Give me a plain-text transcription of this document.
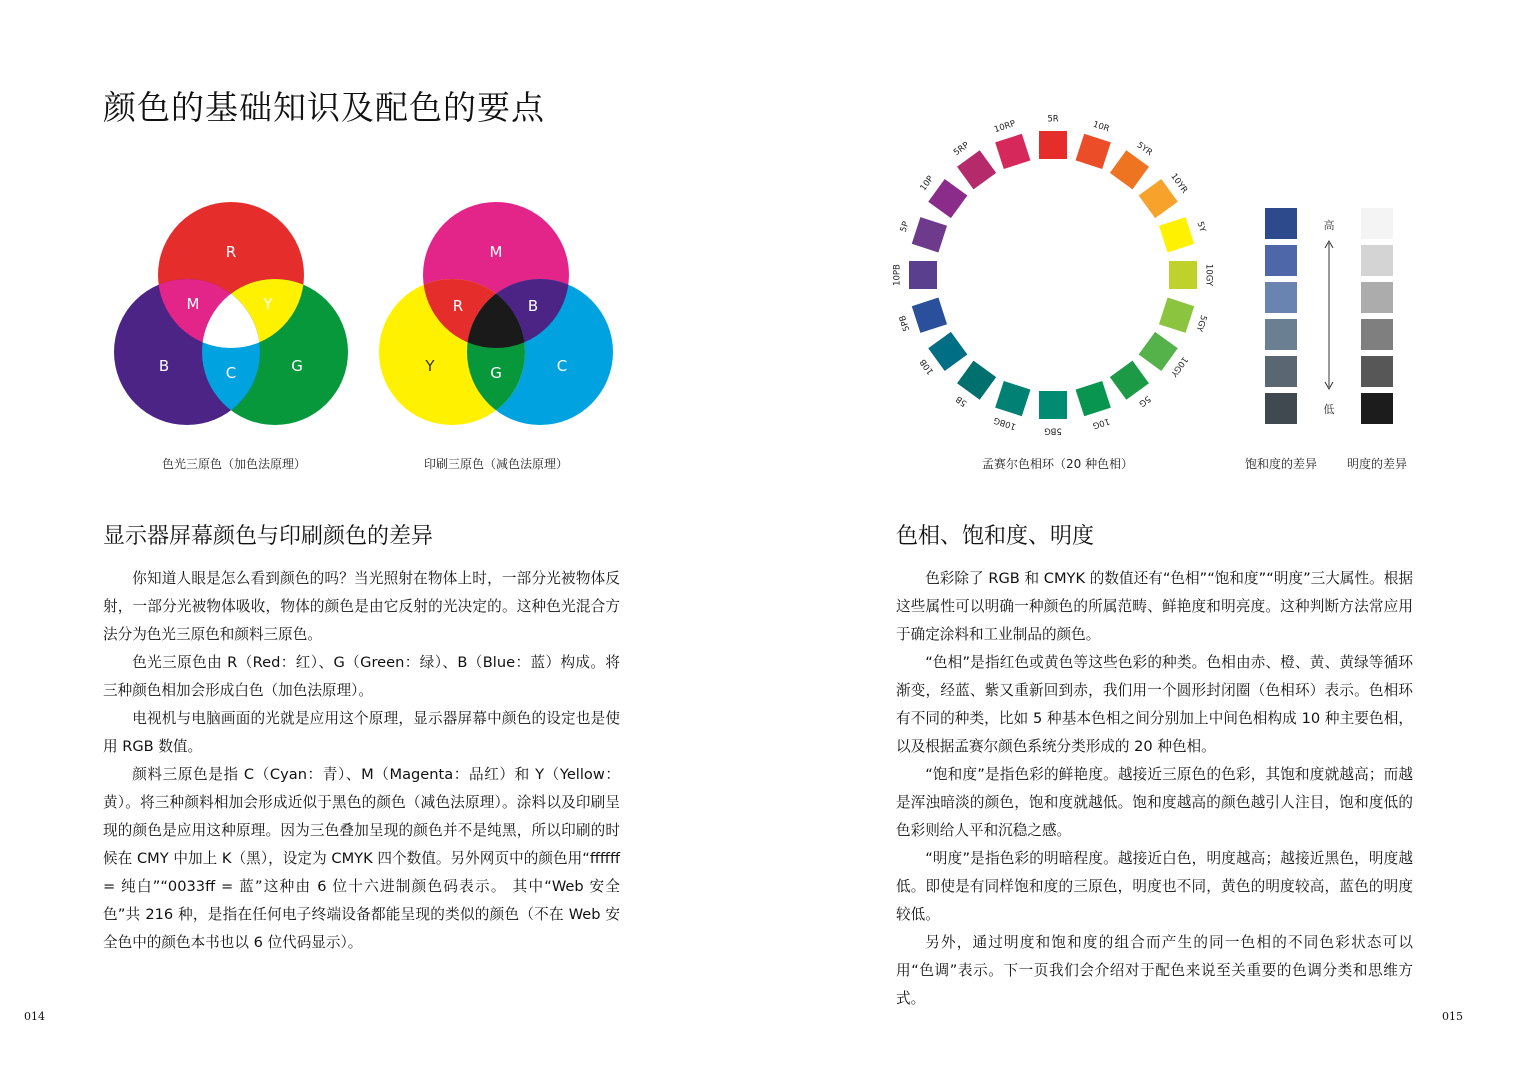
颜色的基础知识及配色的要点
R
M	Y
B	C	G
色光三原色（加色法原理）
M
R	B
Y	G	C
印刷三原色（减色法原理）
5R
10R
5YR
10YR
5Y
10GY
5GY
10GY
5G
10G
5BG
10BG
5B
10B
5PB
10PB
5P
10P
5RP
10RP
孟赛尔色相环（20 种色相）	饱和度的差异
高
低
明度的差异
显示器屏幕颜色与印刷颜色的差异

你知道人眼是怎么看到颜色的吗？当光照射在物体上时，一部分光被物体反射，一部分光被物体吸收，物体的颜色是由它反射的光决定的。这种色光混合方法分为色光三原色和颜料三原色。

色光三原色由 R（Red：红）、G（Green：绿）、B（Blue：蓝）构成。将三种颜色相加会形成白色（加色法原理）。

电视机与电脑画面的光就是应用这个原理，显示器屏幕中颜色的设定也是使用 RGB 数值。

颜料三原色是指 C（Cyan：青）、M（Magenta：品红）和 Y（Yellow：黄）。将三种颜料相加会形成近似于黑色的颜色（减色法原理）。涂料以及印刷呈现的颜色是应用这种原理。因为三色叠加呈现的颜色并不是纯黑，所以印刷的时候在 CMY 中加上 K（黑），设定为 CMYK 四个数值。另外网页中的颜色用“ffffff = 纯白”“0033ff = 蓝”这种由 6 位十六进制颜色码表示。 其中“Web 安全色”共 216 种，是指在任何电子终端设备都能呈现的类似的颜色（不在 Web 安全色中的颜色本书也以 6 位代码显示）。

色相、饱和度、明度

色彩除了 RGB 和 CMYK 的数值还有“色相”“饱和度”“明度”三大属性。根据这些属性可以明确一种颜色的所属范畴、鲜艳度和明亮度。这种判断方法常应用于确定涂料和工业制品的颜色。

“色相”是指红色或黄色等这些色彩的种类。色相由赤、橙、黄、黄绿等循环渐变，经蓝、紫又重新回到赤，我们用一个圆形封闭圈（色相环）表示。色相环有不同的种类，比如 5 种基本色相之间分别加上中间色相构成 10 种主要色相，以及根据孟赛尔颜色系统分类形成的 20 种色相。

“饱和度”是指色彩的鲜艳度。越接近三原色的色彩，其饱和度就越高；而越是浑浊暗淡的颜色，饱和度就越低。饱和度越高的颜色越引人注目，饱和度低的色彩则给人平和沉稳之感。

“明度”是指色彩的明暗程度。越接近白色，明度越高；越接近黑色，明度越低。即使是有同样饱和度的三原色，明度也不同，黄色的明度较高，蓝色的明度较低。

另外，通过明度和饱和度的组合而产生的同一色相的不同色彩状态可以用“色调”表示。下一页我们会介绍对于配色来说至关重要的色调分类和思维方式。

014	015
